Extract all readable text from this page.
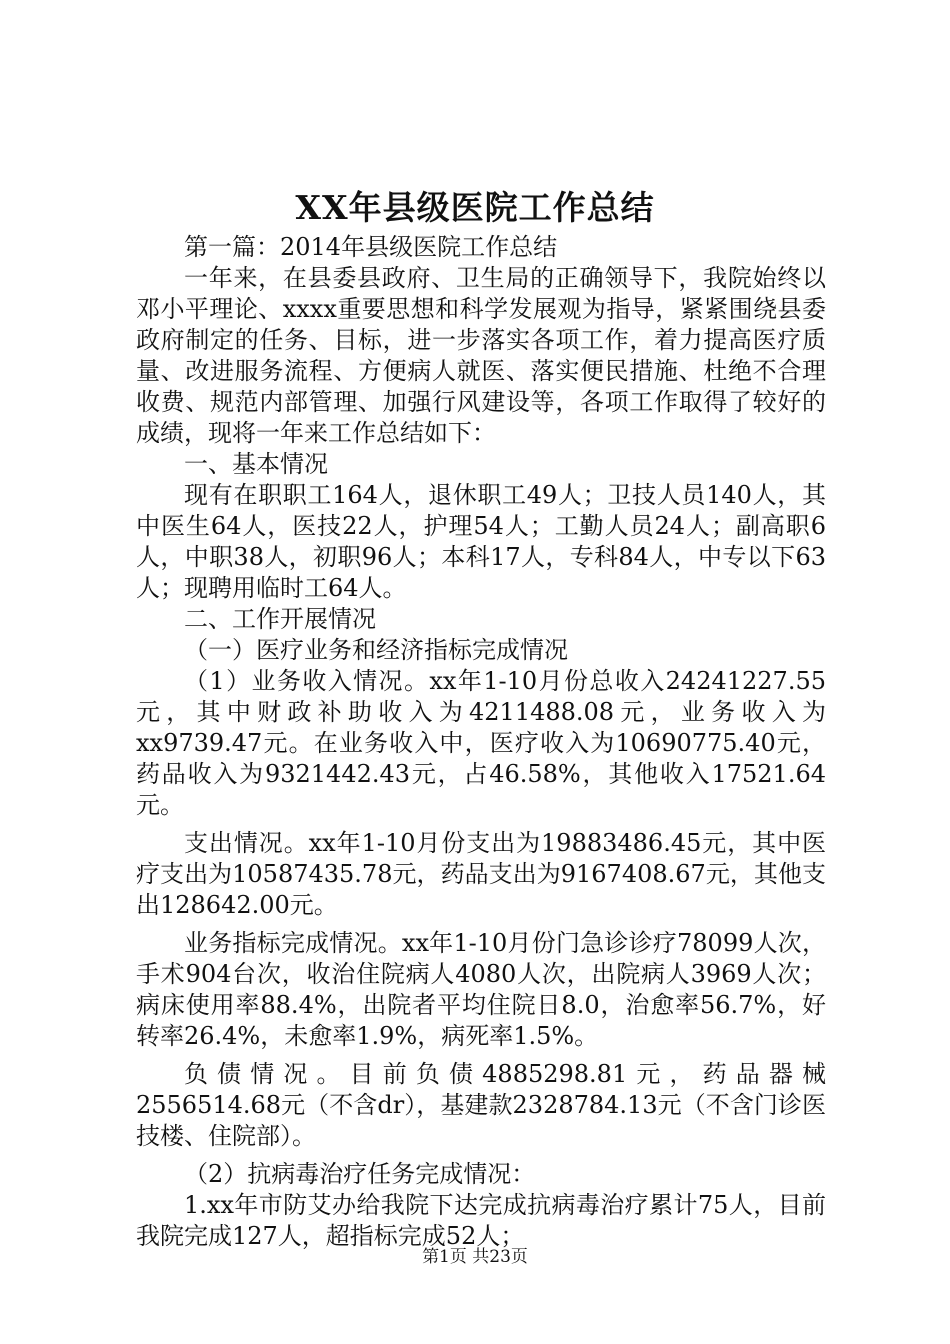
XX年县级医院工作总结

第一篇：2014年县级医院工作总结

一年来，在县委县政府、卫生局的正确领导下，我院始终以邓小平理论、xxxx重要思想和科学发展观为指导，紧紧围绕县委政府制定的任务、目标，进一步落实各项工作，着力提高医疗质量、改进服务流程、方便病人就医、落实便民措施、杜绝不合理收费、规范内部管理、加强行风建设等，各项工作取得了较好的成绩，现将一年来工作总结如下：

一、基本情况

现有在职职工164人，退休职工49人；卫技人员140人，其中医生64人，医技22人，护理54人；工勤人员24人；副高职6人，中职38人，初职96人；本科17人，专科84人，中专以下63人；现聘用临时工64人。

二、工作开展情况

（一）医疗业务和经济指标完成情况

（1）业务收入情况。xx年1-10月份总收入24241227.55元，其中财政补助收入为4211488.08元，业务收入为xx9739.47元。在业务收入中，医疗收入为10690775.40元，药品收入为9321442.43元，占46.58%，其他收入17521.64元。

支出情况。xx年1-10月份支出为19883486.45元，其中医疗支出为10587435.78元，药品支出为9167408.67元，其他支出128642.00元。

业务指标完成情况。xx年1-10月份门急诊诊疗78099人次，手术904台次，收治住院病人4080人次，出院病人3969人次；病床使用率88.4%，出院者平均住院日8.0，治愈率56.7%，好转率26.4%，未愈率1.9%，病死率1.5%。

负债情况。目前负债4885298.81元，药品器械2556514.68元（不含dr），基建款2328784.13元（不含门诊医技楼、住院部）。

（2）抗病毒治疗任务完成情况：

1.xx年市防艾办给我院下达完成抗病毒治疗累计75人，目前我院完成127人，超指标完成52人；

第1页 共23页
